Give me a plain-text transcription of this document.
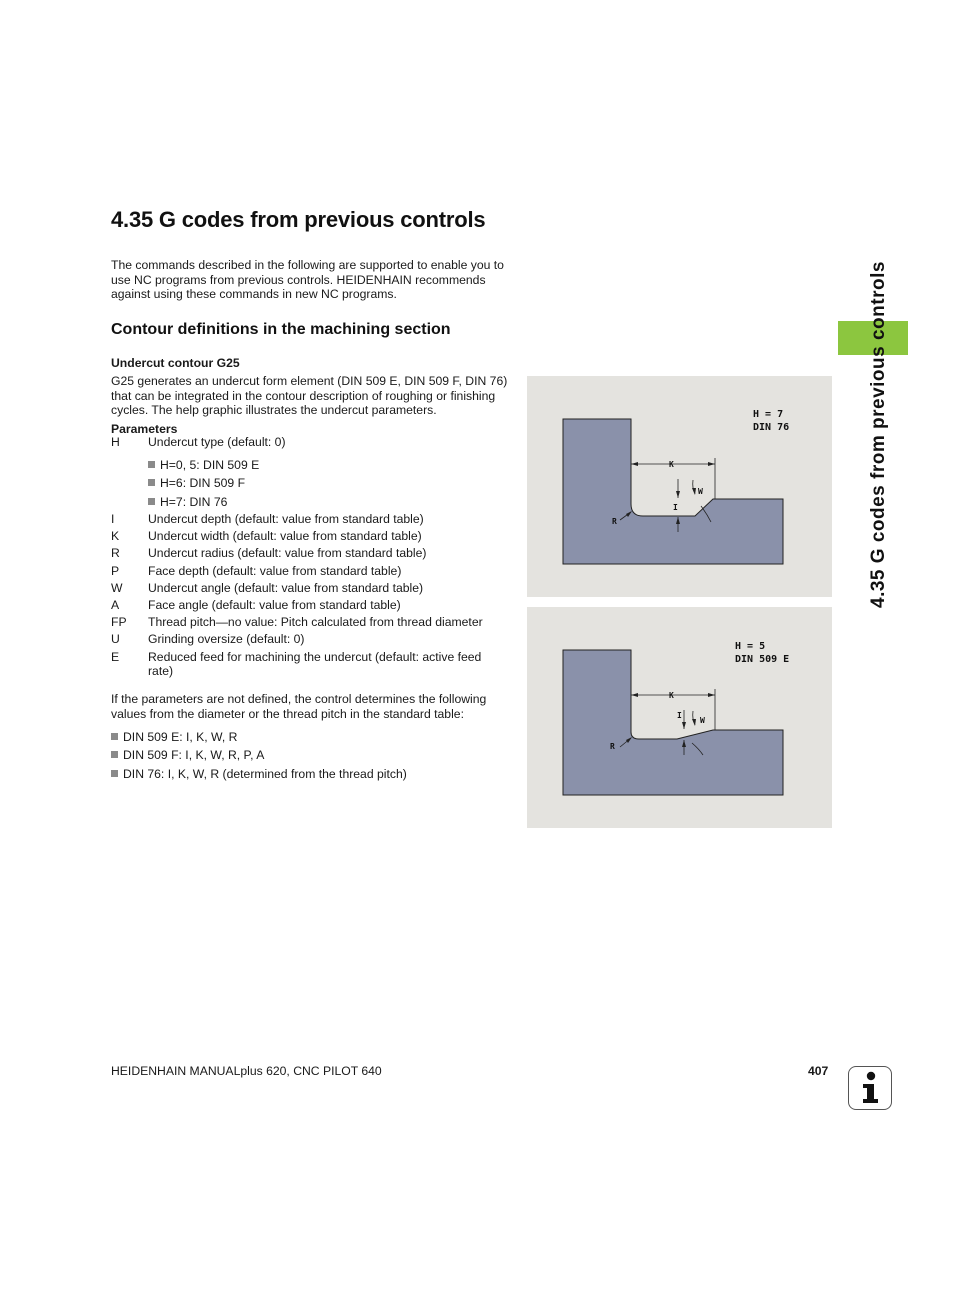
4.35 G codes from previous controls

The commands described in the following are supported to enable you to use NC programs from previous controls. HEIDENHAIN recommends against using these commands in new NC programs.

Contour definitions in the machining section
Undercut contour G25

G25 generates an undercut form element (DIN 509 E, DIN 509 F, DIN 76) that can be integrated in the contour description of roughing or finishing cycles. The help graphic illustrates the undercut parameters.

Parameters
H	Undercut type (default: 0)
H=0, 5: DIN 509 E
H=6: DIN 509 F
H=7: DIN 76
I	Undercut depth (default: value from standard table)
K	Undercut width (default: value from standard table)
R	Undercut radius (default: value from standard table)
P	Face depth (default: value from standard table)
W	Undercut angle (default: value from standard table)
A	Face angle (default: value from standard table)
FP	Thread pitch—no value: Pitch calculated from thread diameter
U	Grinding oversize (default: 0)
E	Reduced feed for machining the undercut (default: active feed rate)

If the parameters are not defined, the control determines the following values from the diameter or the thread pitch in the standard table:

DIN 509 E: I, K, W, R
DIN 509 F: I, K, W, R, P, A
DIN 76: I, K, W, R (determined from the thread pitch)
K
I
W
R
H = 7
DIN 76
K
I
W
R
H = 5
DIN 509 E
4.35 G codes from previous controls
HEIDENHAIN MANUALplus 620, CNC PILOT 640	407
